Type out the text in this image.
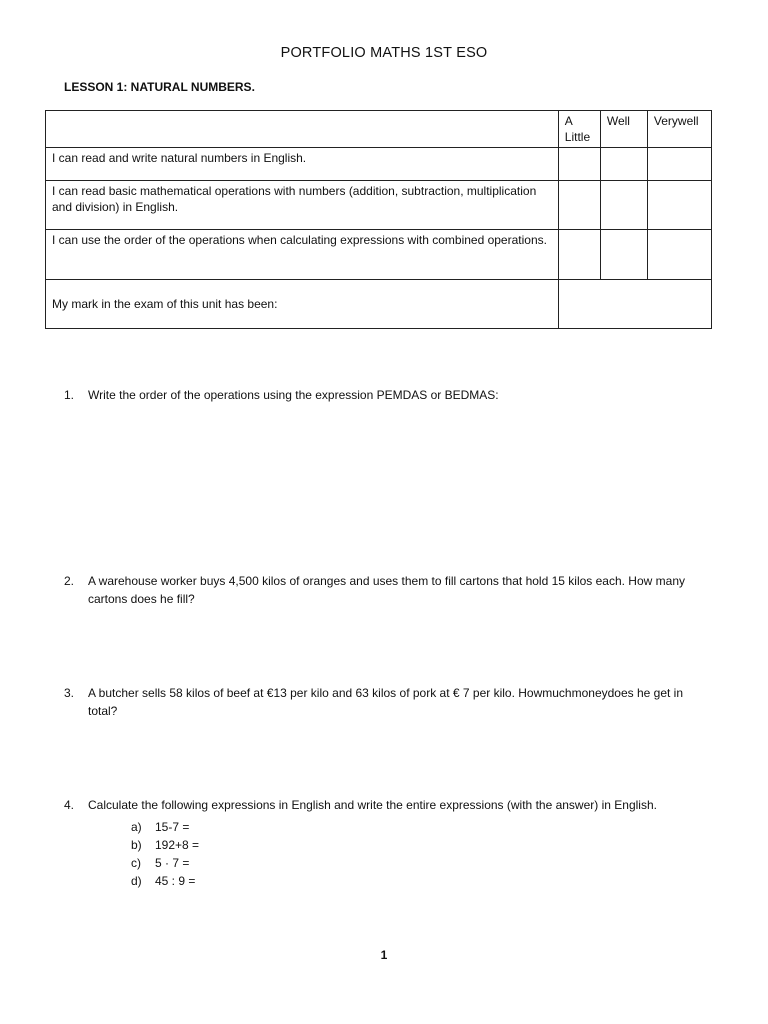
PORTFOLIO MATHS 1ST ESO
LESSON 1: NATURAL NUMBERS.
	A Little	Well	Verywell
I can read and write natural numbers in English.			
I can read basic mathematical operations with numbers (addition, subtraction, multiplication and division) in English.			
I can use the order of the operations when calculating expressions with combined operations.			
My mark in the exam of this unit has been:			
1. Write the order of the operations using the expression PEMDAS or BEDMAS:
2. A warehouse worker buys 4,500 kilos of oranges and uses them to fill cartons that hold 15 kilos each. How many cartons does he fill?
3. A butcher sells 58 kilos of beef at €13 per kilo and 63 kilos of pork at € 7 per kilo. Howmuchmoneydoes he get in total?
4. Calculate the following expressions in English and write the entire expressions (with the answer) in English.
a) 15-7 =
b) 192+8 =
c) 5 · 7 =
d) 45 : 9 =
1
